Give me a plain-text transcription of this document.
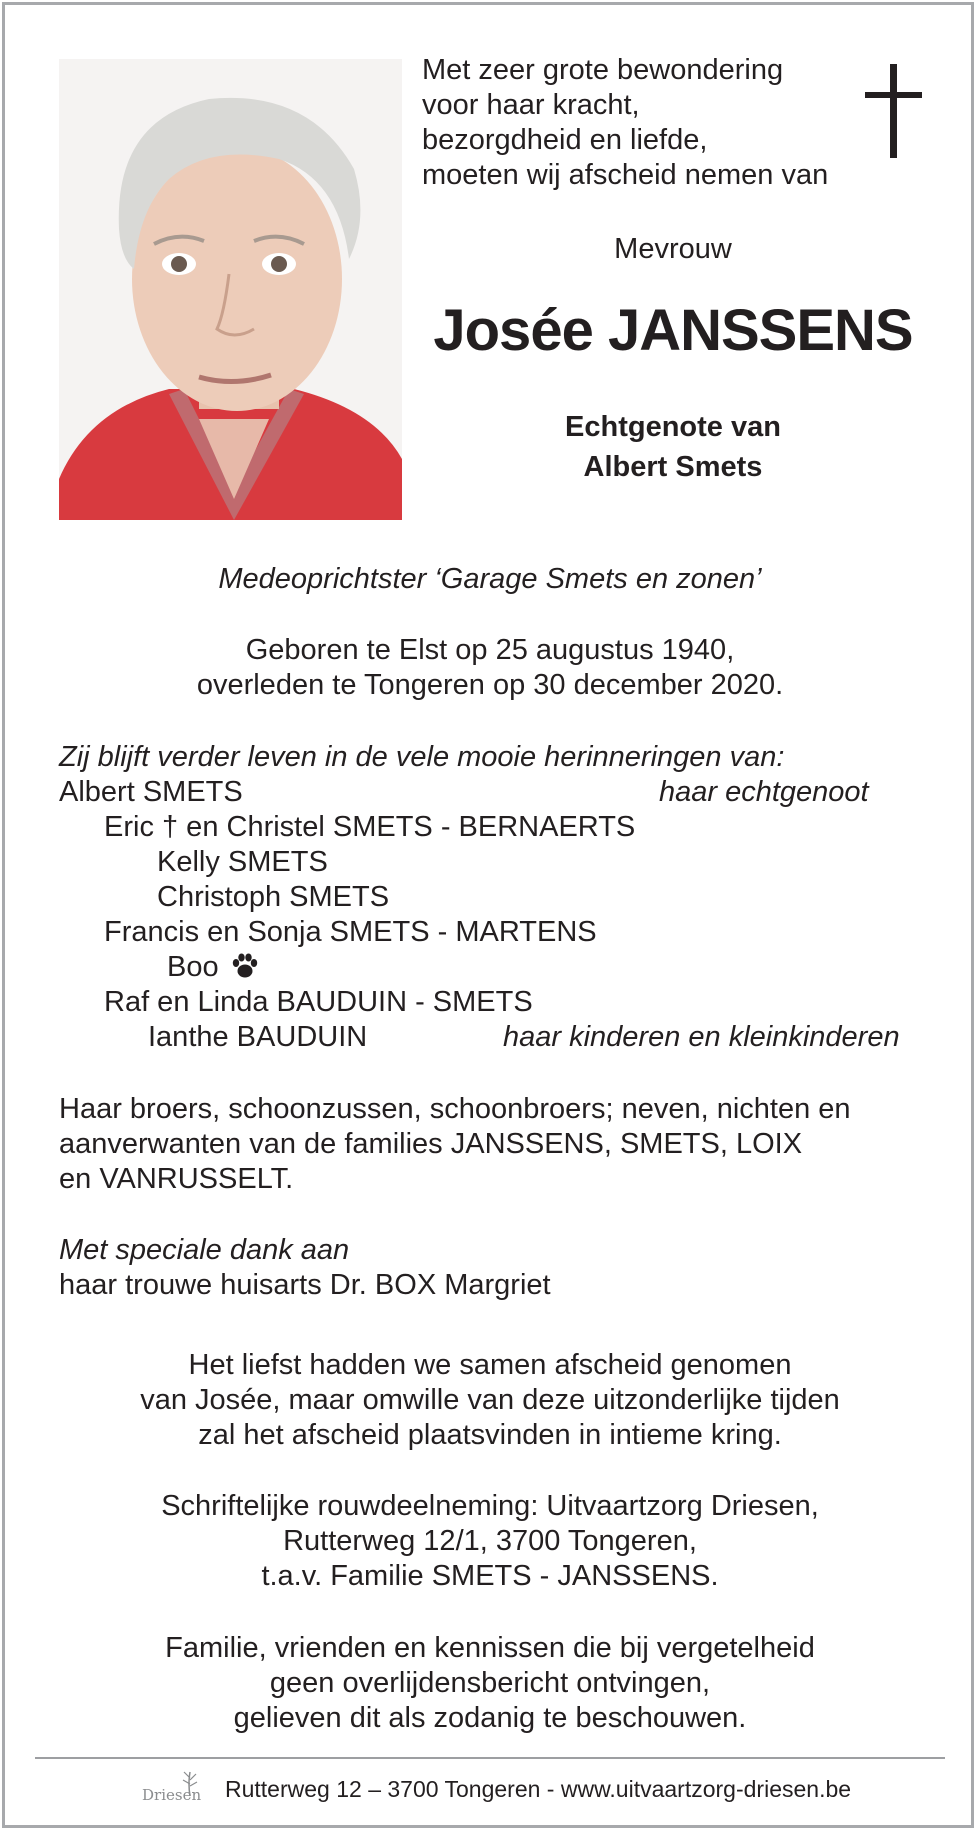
Met zeer grote bewondering
voor haar kracht,
bezorgdheid en liefde,
moeten wij afscheid nemen van
Mevrouw
Josée JANSSENS
Echtgenote van
Albert Smets
Medeoprichtster ‘Garage Smets en zonen’
Geboren te Elst op 25 augustus 1940,
overleden te Tongeren op 30 december 2020.
Zij blijft verder leven in de vele mooie herinneringen van:
Albert SMETS	haar echtgenoot
Eric † en Christel SMETS - BERNAERTS
Kelly SMETS
Christoph SMETS
Francis en Sonja SMETS - MARTENS
Boo
Raf en Linda BAUDUIN - SMETS
Ianthe BAUDUIN	haar kinderen en kleinkinderen
Haar broers, schoonzussen, schoonbroers; neven, nichten en
aanverwanten van de families JANSSENS, SMETS, LOIX
en VANRUSSELT.
Met speciale dank aan
haar trouwe huisarts Dr. BOX Margriet
Het liefst hadden we samen afscheid genomen
van Josée, maar omwille van deze uitzonderlijke tijden
zal het afscheid plaatsvinden in intieme kring.
Schriftelijke rouwdeelneming: Uitvaartzorg Driesen,
Rutterweg 12/1, 3700 Tongeren,
t.a.v. Familie SMETS - JANSSENS.
Familie, vrienden en kennissen die bij vergetelheid
geen overlijdensbericht ontvingen,
gelieven dit als zodanig te beschouwen.
Driesen Rutterweg 12 – 3700 Tongeren - www.uitvaartzorg-driesen.be
